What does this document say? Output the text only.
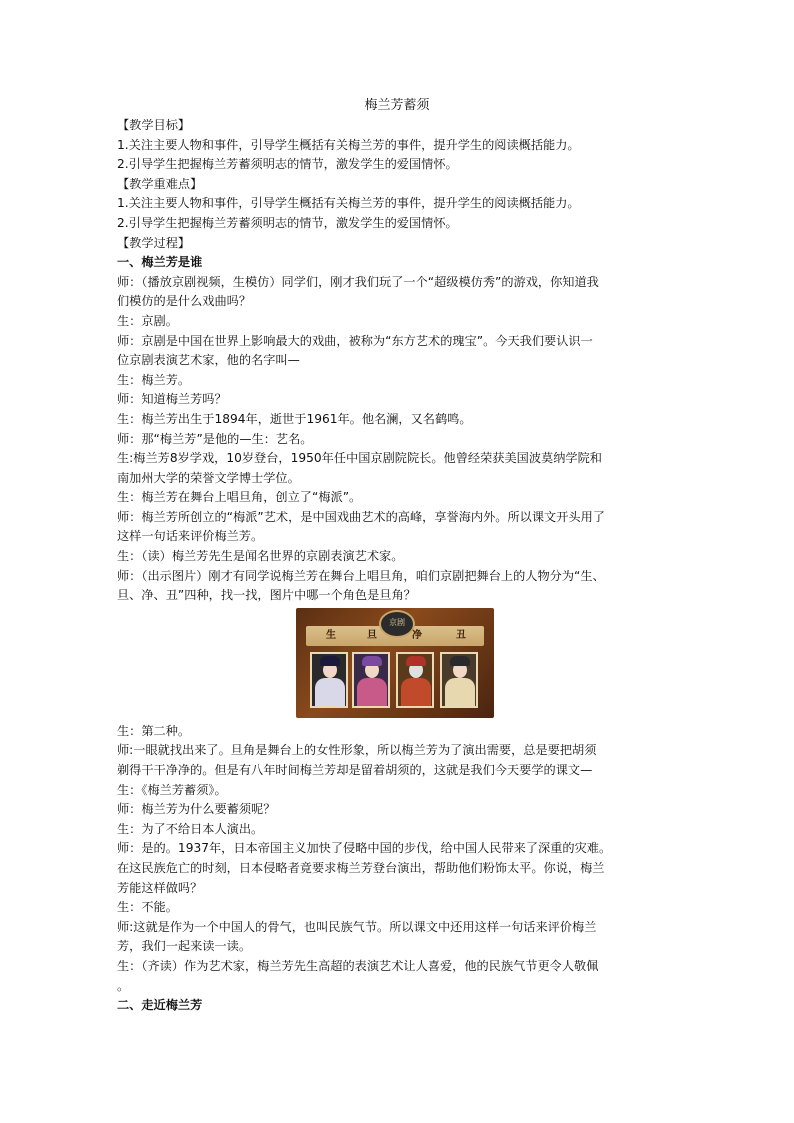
梅兰芳蓄须

【教学目标】

1.关注主要人物和事件，引导学生概括有关梅兰芳的事件，提升学生的阅读概括能力。

2.引导学生把握梅兰芳蓄须明志的情节，激发学生的爱国情怀。

【教学重难点】

1.关注主要人物和事件，引导学生概括有关梅兰芳的事件，提升学生的阅读概括能力。

2.引导学生把握梅兰芳蓄须明志的情节，激发学生的爱国情怀。

【教学过程】

一、梅兰芳是谁

师：（播放京剧视频，生模仿）同学们，刚才我们玩了一个“超级模仿秀”的游戏，你知道我

们模仿的是什么戏曲吗？

生：京剧。

师：京剧是中国在世界上影响最大的戏曲，被称为“东方艺术的瑰宝”。今天我们要认识一

位京剧表演艺术家，他的名字叫—

生：梅兰芳。

师：知道梅兰芳吗？

生：梅兰芳出生于1894年，逝世于1961年。他名澜，又名鹤鸣。

师：那“梅兰芳”是他的—生：艺名。

生:梅兰芳8岁学戏，10岁登台，1950年任中国京剧院院长。他曾经荣获美国波莫纳学院和

南加州大学的荣誉文学博士学位。

生：梅兰芳在舞台上唱旦角，创立了“梅派”。

师：梅兰芳所创立的“梅派”艺术，是中国戏曲艺术的高峰，享誉海内外。所以课文开头用了

这样一句话来评价梅兰芳。

生：（读）梅兰芳先生是闻名世界的京剧表演艺术家。

师：（出示图片）刚才有同学说梅兰芳在舞台上唱旦角，咱们京剧把舞台上的人物分为“生、

旦、净、丑”四种，找一找，图片中哪一个角色是旦角？

京剧
生	旦	净	丑

生：第二种。

师:一眼就找出来了。旦角是舞台上的女性形象，所以梅兰芳为了演出需要，总是要把胡须

剃得干干净净的。但是有八年时间梅兰芳却是留着胡须的，这就是我们今天要学的课文—

生：《梅兰芳蓄须》。

师：梅兰芳为什么要蓄须呢？

生：为了不给日本人演出。

师：是的。1937年，日本帝国主义加快了侵略中国的步伐，给中国人民带来了深重的灾难。

在这民族危亡的时刻，日本侵略者竟要求梅兰芳登台演出，帮助他们粉饰太平。你说，梅兰

芳能这样做吗？

生：不能。

师:这就是作为一个中国人的骨气，也叫民族气节。所以课文中还用这样一句话来评价梅兰

芳，我们一起来读一读。

生：（齐读）作为艺术家，梅兰芳先生高超的表演艺术让人喜爱，他的民族气节更令人敬佩

。

二、走近梅兰芳
